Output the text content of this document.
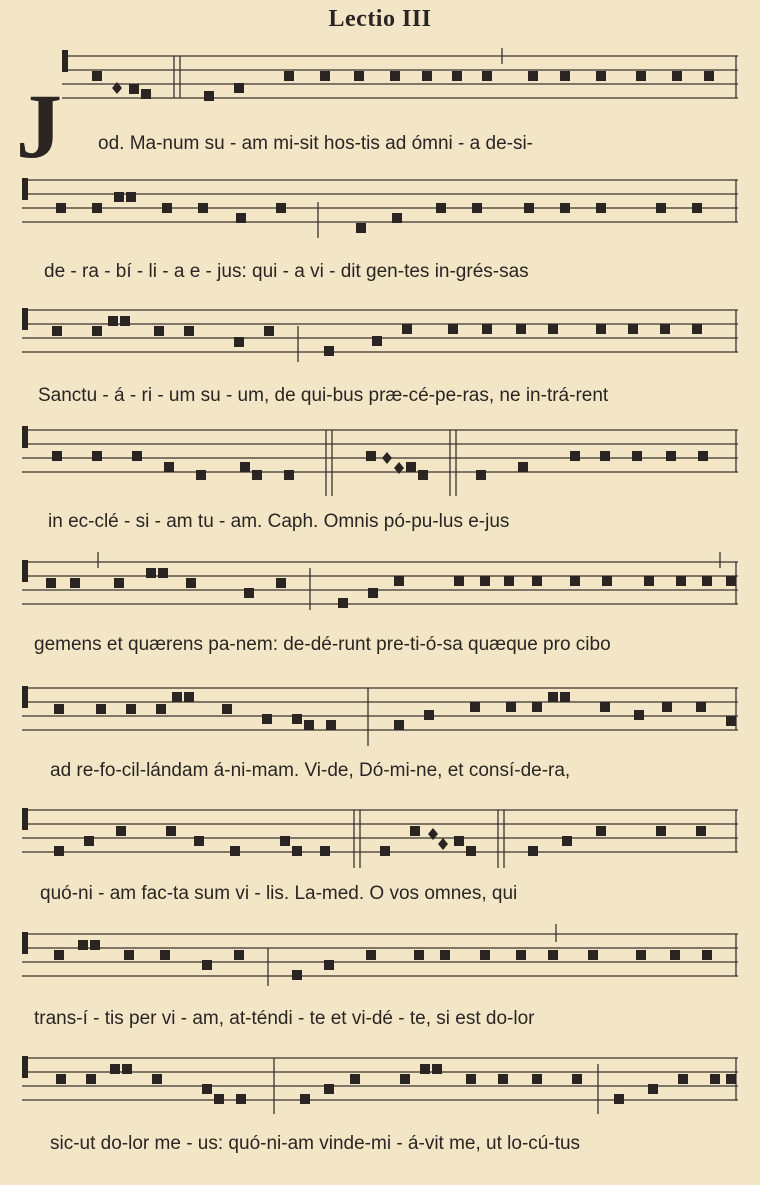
Lectio III
J od. Ma-num su - am mi-sit hos-tis ad ómni - a de-si-
de - ra - bí - li - a e - jus: qui - a vi - dit gen-tes in-grés-sas
Sanctu - á - ri - um su - um, de qui-bus præ-cé-pe-ras, ne in-trá-rent
in ec-clé - si - am tu - am. Caph. Omnis pó-pu-lus e-jus
gemens et quærens pa-nem: de-dé-runt pre-ti-ó-sa quæque pro cibo
ad re-fo-cil-lándam á-ni-mam. Vi-de, Dó-mi-ne, et consí-de-ra,
quó-ni - am fac-ta sum vi - lis. La-med. O vos omnes, qui
trans-í - tis per vi - am, at-téndi - te et vi-dé - te, si est do-lor
sic-ut do-lor me - us: quó-ni-am vinde-mi - á-vit me, ut lo-cú-tus
